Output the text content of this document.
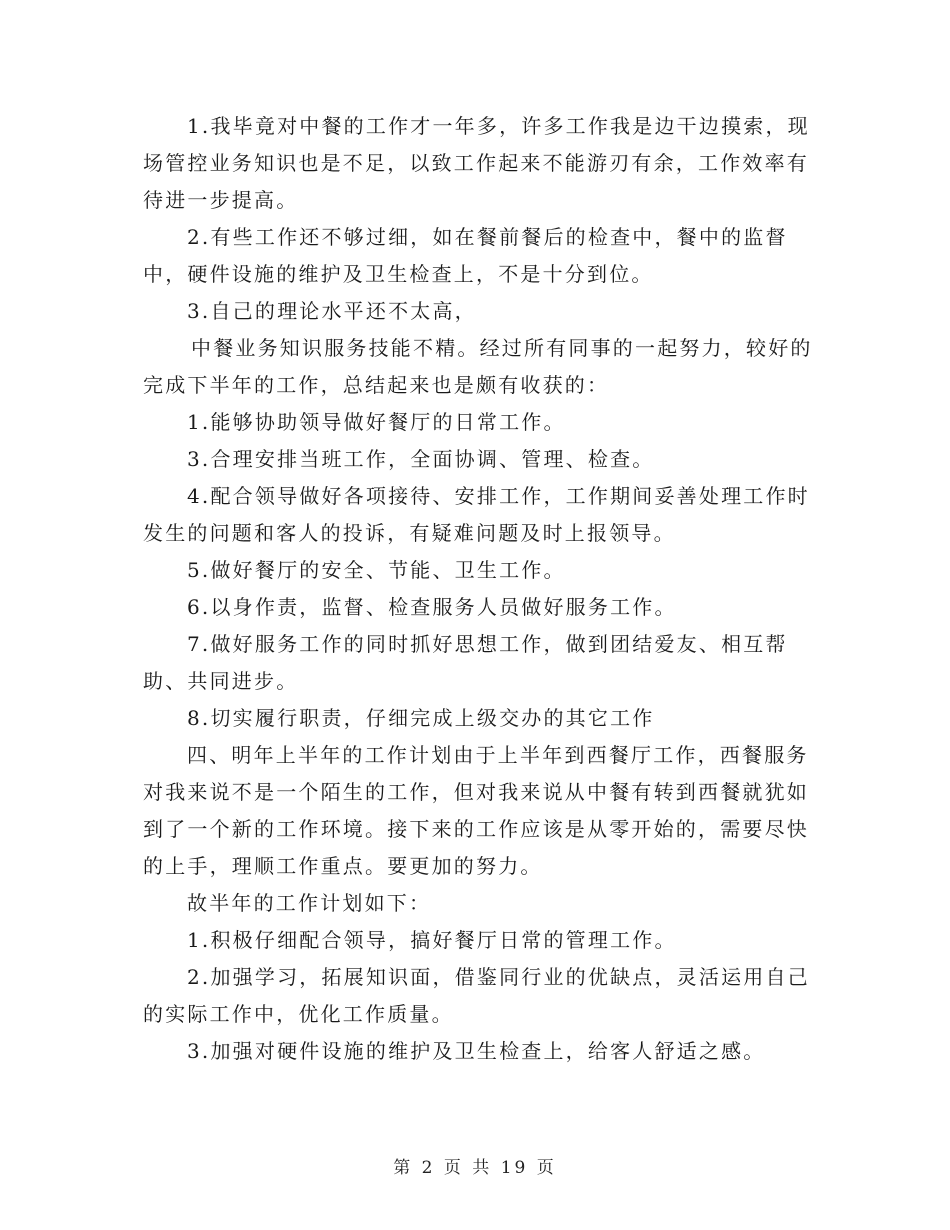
1.我毕竟对中餐的工作才一年多，许多工作我是边干边摸索，现场管控业务知识也是不足，以致工作起来不能游刃有余，工作效率有待进一步提高。

2.有些工作还不够过细，如在餐前餐后的检查中，餐中的监督中，硬件设施的维护及卫生检查上，不是十分到位。

3.自己的理论水平还不太高，

中餐业务知识服务技能不精。经过所有同事的一起努力，较好的完成下半年的工作，总结起来也是颇有收获的：

1.能够协助领导做好餐厅的日常工作。

3.合理安排当班工作，全面协调、管理、检查。

4.配合领导做好各项接待、安排工作，工作期间妥善处理工作时发生的问题和客人的投诉，有疑难问题及时上报领导。

5.做好餐厅的安全、节能、卫生工作。

6.以身作责，监督、检查服务人员做好服务工作。

7.做好服务工作的同时抓好思想工作，做到团结爱友、相互帮助、共同进步。

8.切实履行职责，仔细完成上级交办的其它工作

四、明年上半年的工作计划由于上半年到西餐厅工作，西餐服务对我来说不是一个陌生的工作，但对我来说从中餐有转到西餐就犹如到了一个新的工作环境。接下来的工作应该是从零开始的，需要尽快的上手，理顺工作重点。要更加的努力。

故半年的工作计划如下：

1.积极仔细配合领导，搞好餐厅日常的管理工作。

2.加强学习，拓展知识面，借鉴同行业的优缺点，灵活运用自己的实际工作中，优化工作质量。

3.加强对硬件设施的维护及卫生检查上，给客人舒适之感。

第 2 页 共 19 页
